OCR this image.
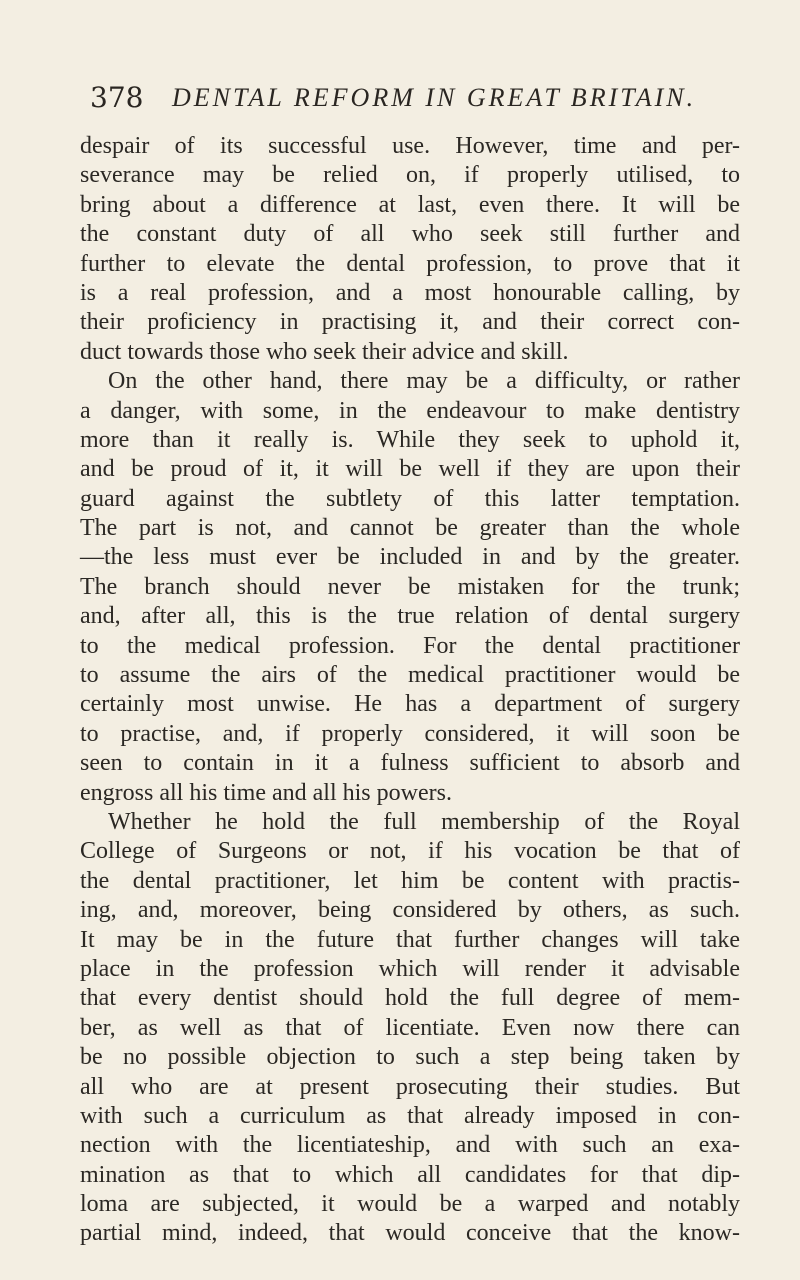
378 DENTAL REFORM IN GREAT BRITAIN.
despair of its successful use. However, time and per-
severance may be relied on, if properly utilised, to
bring about a difference at last, even there. It will be
the constant duty of all who seek still further and
further to elevate the dental profession, to prove that it
is a real profession, and a most honourable calling, by
their proficiency in practising it, and their correct con-
duct towards those who seek their advice and skill.
On the other hand, there may be a difficulty, or rather
a danger, with some, in the endeavour to make dentistry
more than it really is. While they seek to uphold it,
and be proud of it, it will be well if they are upon their
guard against the subtlety of this latter temptation.
The part is not, and cannot be greater than the whole
—the less must ever be included in and by the greater.
The branch should never be mistaken for the trunk;
and, after all, this is the true relation of dental surgery
to the medical profession. For the dental practitioner
to assume the airs of the medical practitioner would be
certainly most unwise. He has a department of surgery
to practise, and, if properly considered, it will soon be
seen to contain in it a fulness sufficient to absorb and
engross all his time and all his powers.
Whether he hold the full membership of the Royal
College of Surgeons or not, if his vocation be that of
the dental practitioner, let him be content with practis-
ing, and, moreover, being considered by others, as such.
It may be in the future that further changes will take
place in the profession which will render it advisable
that every dentist should hold the full degree of mem-
ber, as well as that of licentiate. Even now there can
be no possible objection to such a step being taken by
all who are at present prosecuting their studies. But
with such a curriculum as that already imposed in con-
nection with the licentiateship, and with such an exa-
mination as that to which all candidates for that dip-
loma are subjected, it would be a warped and notably
partial mind, indeed, that would conceive that the know-
